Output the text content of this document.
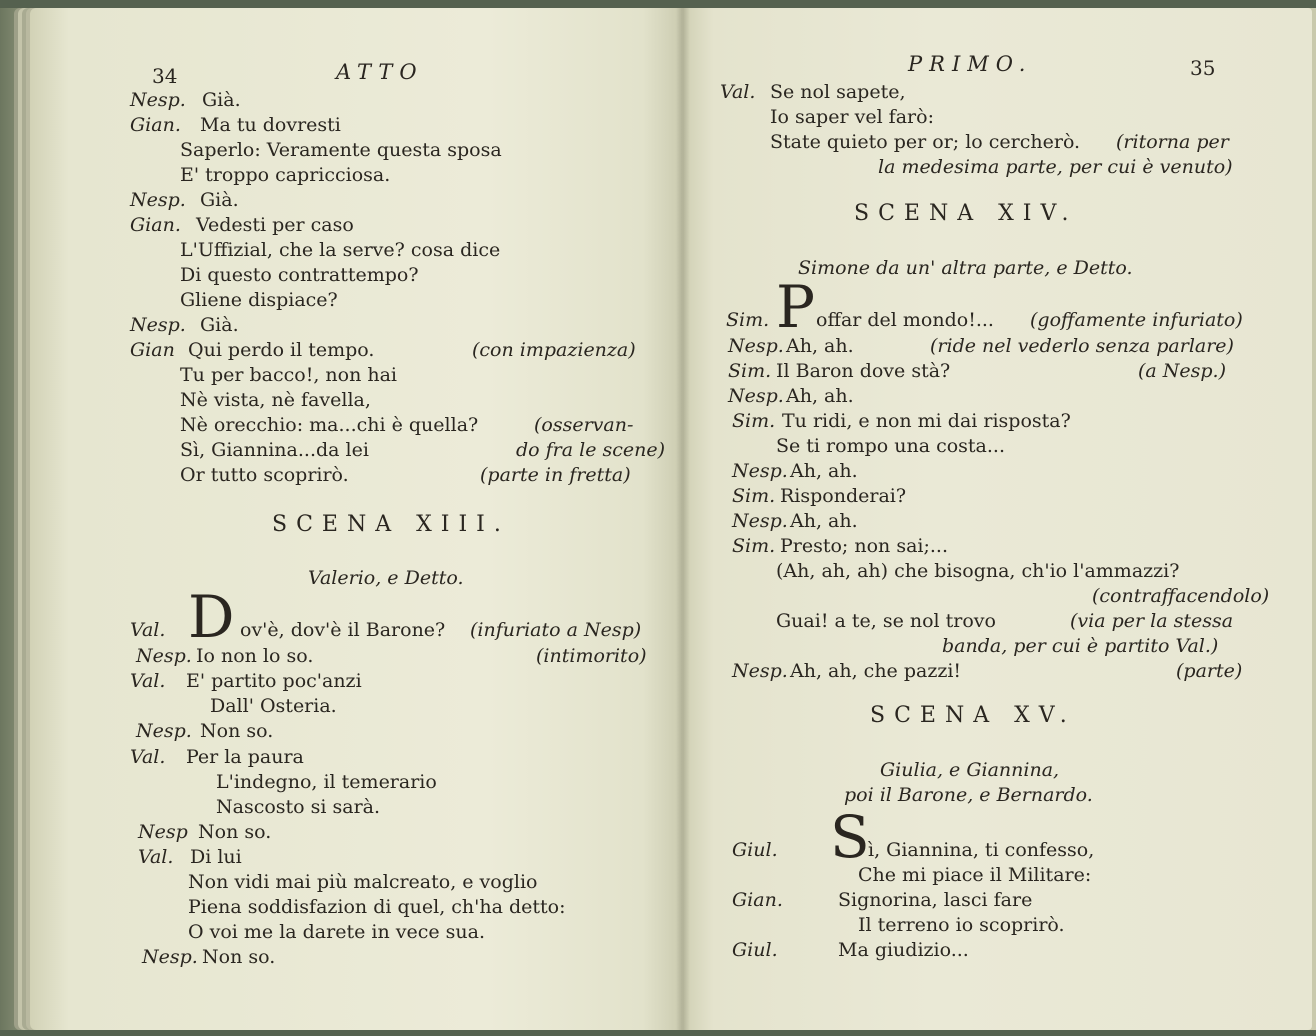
34	ATTO
Nesp. Già.
Gian. Ma tu dovresti
Saperlo: Veramente questa sposa
E' troppo capricciosa.
Nesp. Già.
Gian. Vedesti per caso
L'Uffizial, che la serve? cosa dice
Di questo contrattempo?
Gliene dispiace?
Nesp. Già.
Gian Qui perdo il tempo.	(con impazienza)
Tu per bacco!, non hai
Nè vista, nè favella,
Nè orecchio: ma...chi è quella?	(osservan-
Sì, Giannina...da lei	do fra le scene)
Or tutto scoprirò.	(parte in fretta)
SCENA XIII.
Valerio, e Detto.
Val. D ov'è, dov'è il Barone? (infuriato a Nesp)
Nesp. Io non lo so.	(intimorito)
Val. E' partito poc'anzi
Dall' Osteria.
Nesp. Non so.
Val. Per la paura
L'indegno, il temerario
Nascosto si sarà.
Nesp Non so.
Val. Di lui
Non vidi mai più malcreato, e voglio
Piena soddisfazion di quel, ch'ha detto:
O voi me la darete in vece sua.
Nesp. Non so.
PRIMO.	35
Val. Se nol sapete,
Io saper vel farò:
State quieto per or; lo cercherò. (ritorna per
la medesima parte, per cui è venuto)
SCENA XIV.
Simone da un' altra parte, e Detto.
Sim. P offar del mondo!... (goffamente infuriato)
Nesp. Ah, ah.	(ride nel vederlo senza parlare)
Sim. Il Baron dove stà?	(a Nesp.)
Nesp. Ah, ah.
Sim. Tu ridi, e non mi dai risposta?
Se ti rompo una costa...
Nesp. Ah, ah.
Sim. Risponderai?
Nesp. Ah, ah.
Sim. Presto; non sai;...
(Ah, ah, ah) che bisogna, ch'io l'ammazzi?
(contraffacendolo)
Guai! a te, se nol trovo	(via per la stessa
banda, per cui è partito Val.)
Nesp. Ah, ah, che pazzi!	(parte)
SCENA XV.
Giulia, e Giannina,
poi il Barone, e Bernardo.
Giul. S
ì, Giannina, ti confesso,
Che mi piace il Militare:
Gian.	Signorina, lasci fare
Il terreno io scoprirò.
Giul.	Ma giudizio...
